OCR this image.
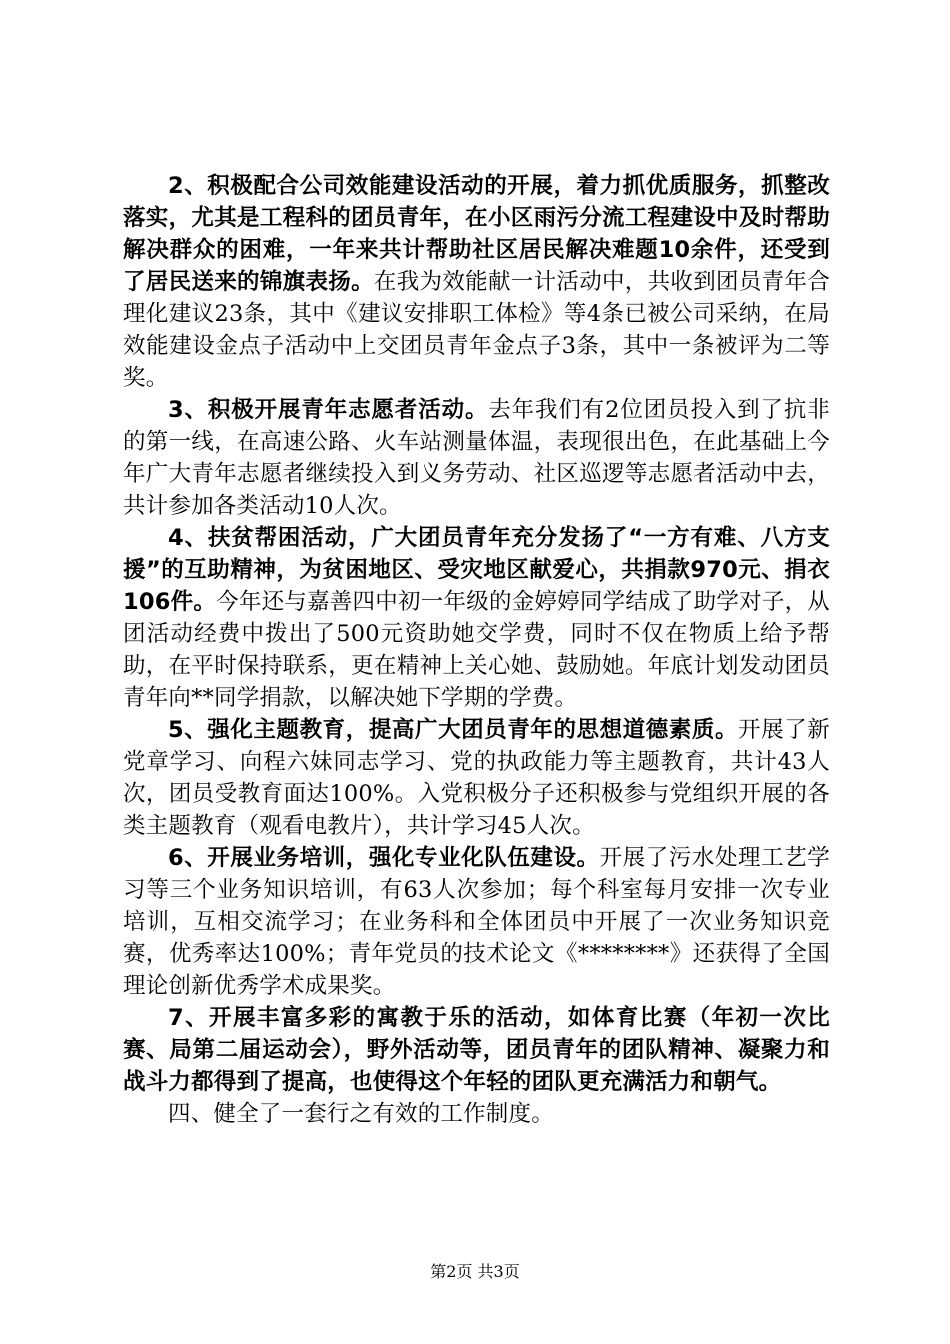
2、积极配合公司效能建设活动的开展，着力抓优质服务，抓整改落实，尤其是工程科的团员青年，在小区雨污分流工程建设中及时帮助解决群众的困难，一年来共计帮助社区居民解决难题10余件，还受到了居民送来的锦旗表扬。在我为效能献一计活动中，共收到团员青年合理化建议23条，其中《建议安排职工体检》等4条已被公司采纳，在局效能建设金点子活动中上交团员青年金点子3条，其中一条被评为二等奖。

3、积极开展青年志愿者活动。去年我们有2位团员投入到了抗非的第一线，在高速公路、火车站测量体温，表现很出色，在此基础上今年广大青年志愿者继续投入到义务劳动、社区巡逻等志愿者活动中去，共计参加各类活动10人次。

4、扶贫帮困活动，广大团员青年充分发扬了“一方有难、八方支援”的互助精神，为贫困地区、受灾地区献爱心，共捐款970元、捐衣106件。今年还与嘉善四中初一年级的金婷婷同学结成了助学对子，从团活动经费中拨出了500元资助她交学费，同时不仅在物质上给予帮助，在平时保持联系，更在精神上关心她、鼓励她。年底计划发动团员青年向**同学捐款，以解决她下学期的学费。

5、强化主题教育，提高广大团员青年的思想道德素质。开展了新党章学习、向程六妹同志学习、党的执政能力等主题教育，共计43人次，团员受教育面达100%。入党积极分子还积极参与党组织开展的各类主题教育（观看电教片），共计学习45人次。

6、开展业务培训，强化专业化队伍建设。开展了污水处理工艺学习等三个业务知识培训，有63人次参加；每个科室每月安排一次专业培训，互相交流学习；在业务科和全体团员中开展了一次业务知识竞赛，优秀率达100%；青年党员的技术论文《********》还获得了全国理论创新优秀学术成果奖。

7、开展丰富多彩的寓教于乐的活动，如体育比赛（年初一次比赛、局第二届运动会），野外活动等，团员青年的团队精神、凝聚力和战斗力都得到了提高，也使得这个年轻的团队更充满活力和朝气。

四、健全了一套行之有效的工作制度。

第2页 共3页
